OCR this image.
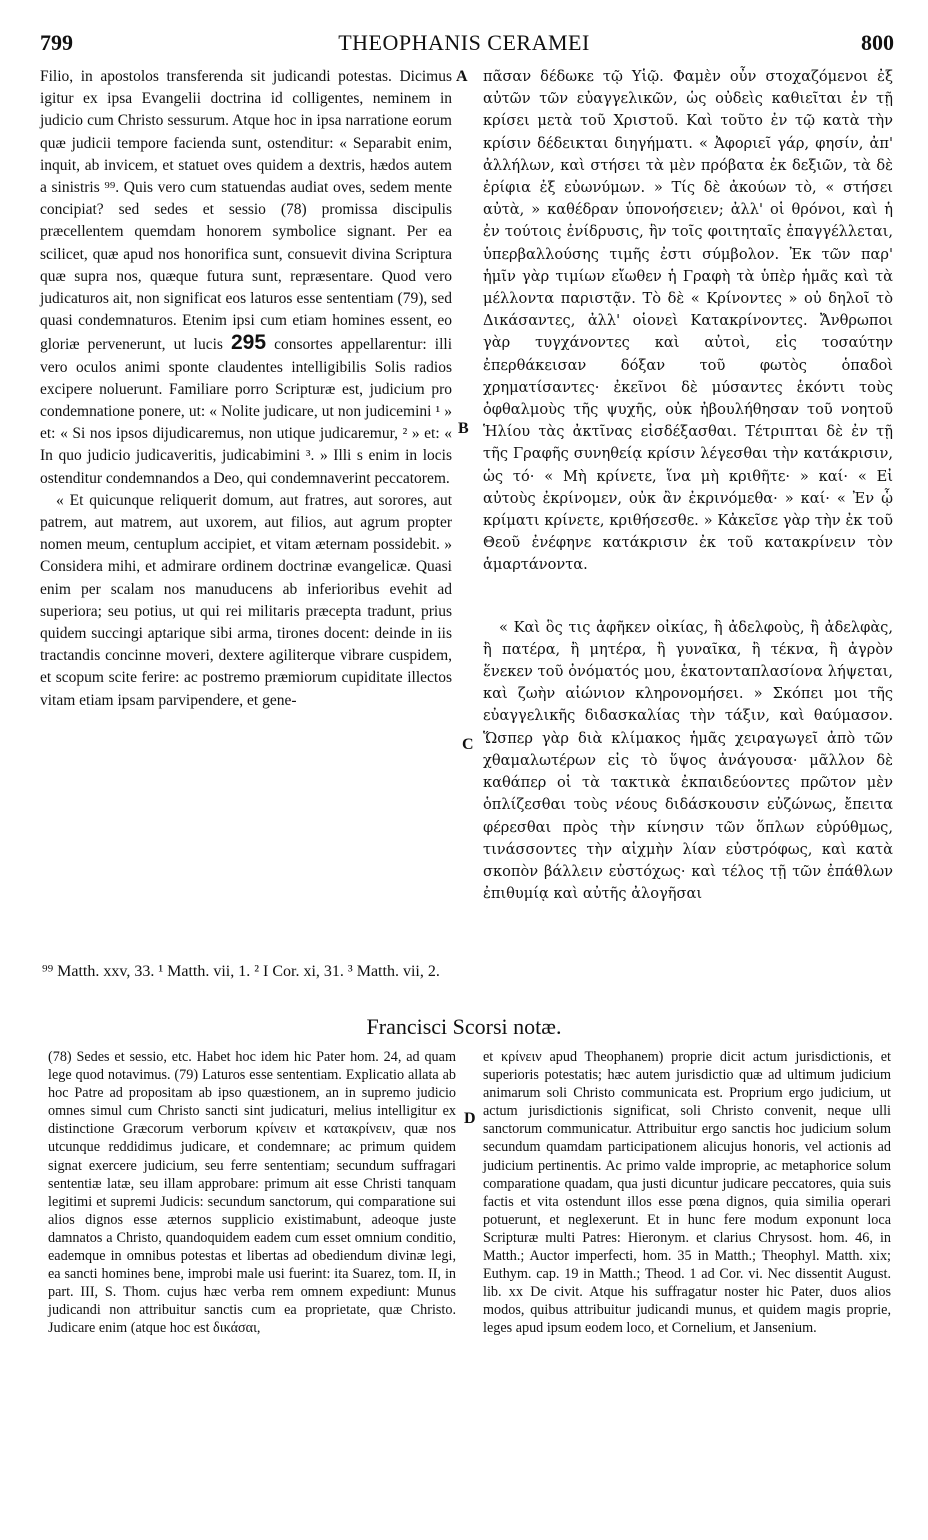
799	THEOPHANIS CERAMEI	800

Filio, in apostolos transferenda sit judicandi potestas. Dicimus igitur ex ipsa Evangelii doctrina id colligentes, neminem in judicio cum Christo sessurum. Atque hoc in ipsa narratione eorum quæ judicii tempore facienda sunt, ostenditur: « Separabit enim, inquit, ab invicem, et statuet oves quidem a dextris, hædos autem a sinistris ⁹⁹. Quis vero cum statuendas audiat oves, sedem mente concipiat? sed sedes et sessio (78) promissa discipulis præcellentem quemdam honorem symbolice signant. Per ea scilicet, quæ apud nos honorifica sunt, consuevit divina Scriptura quæ supra nos, quæque futura sunt, repræsentare. Quod vero judicaturos ait, non significat eos laturos esse sententiam (79), sed quasi condemnaturos. Etenim ipsi cum etiam homines essent, eo gloriæ pervenerunt, ut lucis 295 consortes appellarentur: illi vero oculos animi sponte claudentes intelligibilis Solis radios excipere noluerunt. Familiare porro Scripturæ est, judicium pro condemnatione ponere, ut: « Nolite judicare, ut non judicemini ¹ » et: « Si nos ipsos dijudicaremus, non utique judicaremur, ² » et: « In quo judicio judicaveritis, judicabimini ³. » Illi s enim in locis ostenditur condemnandos a Deo, qui condemnaverint peccatorem.

« Et quicunque reliquerit domum, aut fratres, aut sorores, aut patrem, aut matrem, aut uxorem, aut filios, aut agrum propter nomen meum, centuplum accipiet, et vitam æternam possidebit. » Considera mihi, et admirare ordinem doctrinæ evangelicæ. Quasi enim per scalam nos manuducens ab inferioribus evehit ad superiora; seu potius, ut qui rei militaris præcepta tradunt, prius quidem succingi aptarique sibi arma, tirones docent: deinde in iis tractandis concinne moveri, dextere agiliterque vibrare cuspidem, et scopum scite ferire: ac postremo præmiorum cupiditate illectos vitam etiam ipsam parvipendere, et gene-

A
B
C
D

πᾶσαν δέδωκε τῷ Υἱῷ. Φαμὲν οὖν στοχαζόμενοι ἐξ αὐτῶν τῶν εὐαγγελικῶν, ὡς οὐδεὶς καθιεῖται ἐν τῇ κρίσει μετὰ τοῦ Χριστοῦ. Καὶ τοῦτο ἐν τῷ κατὰ τὴν κρίσιν δέδεικται διηγήματι. « Ἀφοριεῖ γάρ, φησίν, ἀπ' ἀλλήλων, καὶ στήσει τὰ μὲν πρόβατα ἐκ δεξιῶν, τὰ δὲ ἐρίφια ἐξ εὐωνύμων. » Τίς δὲ ἀκούων τὸ, « στήσει αὐτὰ, » καθέδραν ὑπονοήσειεν; ἀλλ' οἱ θρόνοι, καὶ ἡ ἐν τούτοις ἐνίδρυσις, ἣν τοῖς φοιτηταῖς ἐπαγγέλλεται, ὑπερβαλλούσης τιμῆς ἐστι σύμβολον. Ἐκ τῶν παρ' ἡμῖν γὰρ τιμίων εἴωθεν ἡ Γραφὴ τὰ ὑπὲρ ἡμᾶς καὶ τὰ μέλλοντα παριστᾷν. Τὸ δὲ « Κρίνοντες » οὐ δηλοῖ τὸ Δικάσαντες, ἀλλ' οἱονεὶ Κατακρίνοντες. Ἄνθρωποι γὰρ τυγχάνοντες καὶ αὐτοὶ, εἰς τοσαύτην ἐπερθάκεισαν δόξαν τοῦ φωτὸς ὁπαδοὶ χρηματίσαντες· ἐκεῖνοι δὲ μύσαντες ἑκόντι τοὺς ὀφθαλμοὺς τῆς ψυχῆς, οὐκ ἠβουλήθησαν τοῦ νοητοῦ Ἡλίου τὰς ἀκτῖνας εἰσδέξασθαι. Τέτριπται δὲ ἐν τῇ τῆς Γραφῆς συνηθείᾳ κρίσιν λέγεσθαι τὴν κατάκρισιν, ὡς τό· « Μὴ κρίνετε, ἵνα μὴ κριθῆτε· » καί· « Εἰ αὐτοὺς ἐκρίνομεν, οὐκ ἂν ἐκρινόμεθα· » καί· « Ἐν ᾧ κρίματι κρίνετε, κριθήσεσθε. » Κἀκεῖσε γὰρ τὴν ἐκ τοῦ Θεοῦ ἐνέφηνε κατάκρισιν ἐκ τοῦ κατακρίνειν τὸν ἁμαρτάνοντα.

« Καὶ ὃς τις ἀφῆκεν οἰκίας, ἢ ἀδελφοὺς, ἢ ἀδελφὰς, ἢ πατέρα, ἢ μητέρα, ἢ γυναῖκα, ἢ τέκνα, ἢ ἀγρὸν ἕνεκεν τοῦ ὀνόματός μου, ἑκατονταπλασίονα λήψεται, καὶ ζωὴν αἰώνιον κληρονομήσει. » Σκόπει μοι τῆς εὐαγγελικῆς διδασκαλίας τὴν τάξιν, καὶ θαύμασον. Ὥσπερ γὰρ διὰ κλίμακος ἡμᾶς χειραγωγεῖ ἀπὸ τῶν χθαμαλωτέρων εἰς τὸ ὕψος ἀνάγουσα· μᾶλλον δὲ καθάπερ οἱ τὰ τακτικὰ ἐκπαιδεύοντες πρῶτον μὲν ὁπλίζεσθαι τοὺς νέους διδάσκουσιν εὐζώνως, ἔπειτα φέρεσθαι πρὸς τὴν κίνησιν τῶν ὅπλων εὐρύθμως, τινάσσοντες τὴν αἰχμὴν λίαν εὐστρόφως, καὶ κατὰ σκοπὸν βάλλειν εὐστόχως· καὶ τέλος τῇ τῶν ἐπάθλων ἐπιθυμίᾳ καὶ αὐτῆς ἀλογῆσαι

⁹⁹ Matth. xxv, 33. ¹ Matth. vii, 1. ² I Cor. xi, 31. ³ Matth. vii, 2.
Francisci Scorsi notæ.

(78) Sedes et sessio, etc. Habet hoc idem hic Pater hom. 24, ad quam lege quod notavimus. (79) Laturos esse sententiam. Explicatio allata ab hoc Patre ad propositam ab ipso quæstionem, an in supremo judicio omnes simul cum Christo sancti sint judicaturi, melius intelligitur ex distinctione Græcorum verborum κρίνειν et κατακρίνειν, quæ nos utcunque reddidimus judicare, et condemnare; ac primum quidem signat exercere judicium, seu ferre sententiam; secundum suffragari sententiæ latæ, seu illam approbare: primum ait esse Christi tanquam legitimi et supremi Judicis: secundum sanctorum, qui comparatione sui alios dignos esse æternos supplicio existimabunt, adeoque juste damnatos a Christo, quandoquidem eadem cum esset omnium conditio, eademque in omnibus potestas et libertas ad obediendum divinæ legi, ea sancti homines bene, improbi male usi fuerint: ita Suarez, tom. II, in part. III, S. Thom. cujus hæc verba rem omnem expediunt: Munus judicandi non attribuitur sanctis cum ea proprietate, quæ Christo. Judicare enim (atque hoc est δικάσαι,

et κρίνειν apud Theophanem) proprie dicit actum jurisdictionis, et superioris potestatis; hæc autem jurisdictio quæ ad ultimum judicium animarum soli Christo communicata est. Proprium ergo judicium, ut actum jurisdictionis significat, soli Christo convenit, neque ulli sanctorum communicatur. Attribuitur ergo sanctis hoc judicium solum secundum quamdam participationem alicujus honoris, vel actionis ad judicium pertinentis. Ac primo valde improprie, ac metaphorice solum comparatione quadam, qua justi dicuntur judicare peccatores, quia suis factis et vita ostendunt illos esse pœna dignos, quia similia operari potuerunt, et neglexerunt. Et in hunc fere modum exponunt loca Scripturæ multi Patres: Hieronym. et clarius Chrysost. hom. 46, in Matth.; Auctor imperfecti, hom. 35 in Matth.; Theophyl. Matth. xix; Euthym. cap. 19 in Matth.; Theod. 1 ad Cor. vi. Nec dissentit August. lib. xx De civit. Atque his suffragatur noster hic Pater, duos alios modos, quibus attribuitur judicandi munus, et quidem magis proprie, leges apud ipsum eodem loco, et Cornelium, et Jansenium.
